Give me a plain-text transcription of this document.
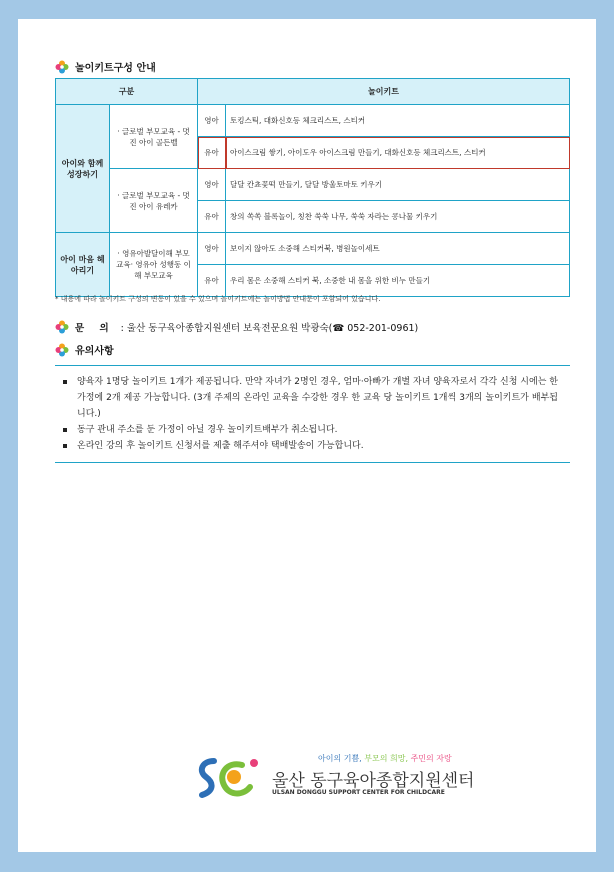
놀이키트구성 안내
구분		놀이키트	
아이와 함께 성장하기	· 글로벌 부모교육 - 멋진 아이 골든벨	영아	토킹스틱, 대화신호등 체크리스트, 스티커
		유아	아이스크림 쌓기, 아이도우 아이스크림 만들기, 대화신호등 체크리스트, 스티커
	· 글로벌 부모교육 - 멋진 아이 유레카	영아	달달 칸쵸꽃떡 만들기, 달달 방울토마토 키우기
		유아	창의 쏙쏙 블록놀이, 칭찬 쑥쑥 나무, 쑥쑥 자라는 콩나물 키우기
아이 마음 헤아리기	· 영유아발달이해 부모교육· 영유아 성행동 이해 부모교육	영아	보이지 않아도 소중해 스티커북, 병원놀이세트
		유아	우리 몸은 소중해 스티커 북, 소중한 내 몸을 위한 비누 만들기
* 내용에 따라 놀이키트 구성의 변동이 있을 수 있으며 놀이키트에는 놀이방법 안내문이 포함되어 있습니다.
문 의 : 울산 동구육아종합지원센터 보육전문요원 박광숙(☎ 052-201-0961)
유의사항
양육자 1명당 놀이키트 1개가 제공됩니다. 만약 자녀가 2명인 경우, 엄마·아빠가 개별 자녀 양육자로서 각각 신청 시에는 한 가정에 2개 제공 가능합니다. (3개 주제의 온라인 교육을 수강한 경우 한 교육 당 놀이키트 1개씩 3개의 놀이키트가 배부됩니다.)
동구 관내 주소를 둔 가정이 아닐 경우 놀이키트배부가 취소됩니다.
온라인 강의 후 놀이키트 신청서를 제출 해주셔야 택배발송이 가능합니다.
아이의 기쁨, 부모의 희망, 주민의 자랑
울산 동구육아종합지원센터
ULSAN DONGGU SUPPORT CENTER FOR CHILDCARE
